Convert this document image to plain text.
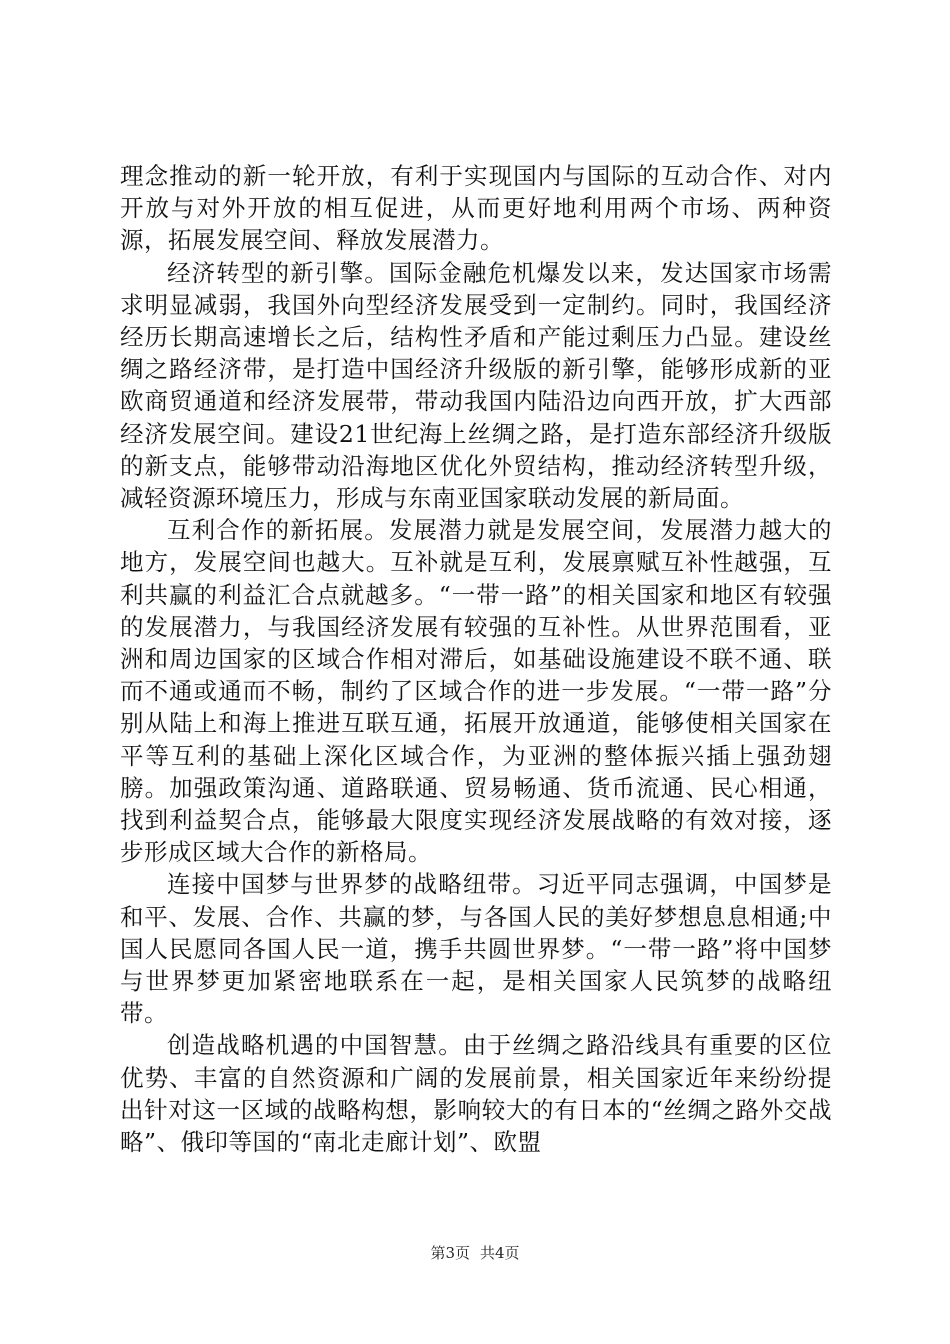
理念推动的新一轮开放，有利于实现国内与国际的互动合作、对内开放与对外开放的相互促进，从而更好地利用两个市场、两种资源，拓展发展空间、释放发展潜力。

经济转型的新引擎。国际金融危机爆发以来，发达国家市场需求明显减弱，我国外向型经济发展受到一定制约。同时，我国经济经历长期高速增长之后，结构性矛盾和产能过剩压力凸显。建设丝绸之路经济带，是打造中国经济升级版的新引擎，能够形成新的亚欧商贸通道和经济发展带，带动我国内陆沿边向西开放，扩大西部经济发展空间。建设21世纪海上丝绸之路，是打造东部经济升级版的新支点，能够带动沿海地区优化外贸结构，推动经济转型升级，减轻资源环境压力，形成与东南亚国家联动发展的新局面。

互利合作的新拓展。发展潜力就是发展空间，发展潜力越大的地方，发展空间也越大。互补就是互利，发展禀赋互补性越强，互利共赢的利益汇合点就越多。“一带一路”的相关国家和地区有较强的发展潜力，与我国经济发展有较强的互补性。从世界范围看，亚洲和周边国家的区域合作相对滞后，如基础设施建设不联不通、联而不通或通而不畅，制约了区域合作的进一步发展。“一带一路”分别从陆上和海上推进互联互通，拓展开放通道，能够使相关国家在平等互利的基础上深化区域合作，为亚洲的整体振兴插上强劲翅膀。加强政策沟通、道路联通、贸易畅通、货币流通、民心相通，找到利益契合点，能够最大限度实现经济发展战略的有效对接，逐步形成区域大合作的新格局。

连接中国梦与世界梦的战略纽带。习近平同志强调，中国梦是和平、发展、合作、共赢的梦，与各国人民的美好梦想息息相通;中国人民愿同各国人民一道，携手共圆世界梦。“一带一路”将中国梦与世界梦更加紧密地联系在一起，是相关国家人民筑梦的战略纽带。

创造战略机遇的中国智慧。由于丝绸之路沿线具有重要的区位优势、丰富的自然资源和广阔的发展前景，相关国家近年来纷纷提出针对这一区域的战略构想，影响较大的有日本的“丝绸之路外交战略”、俄印等国的“南北走廊计划”、欧盟

第3页 共4页
